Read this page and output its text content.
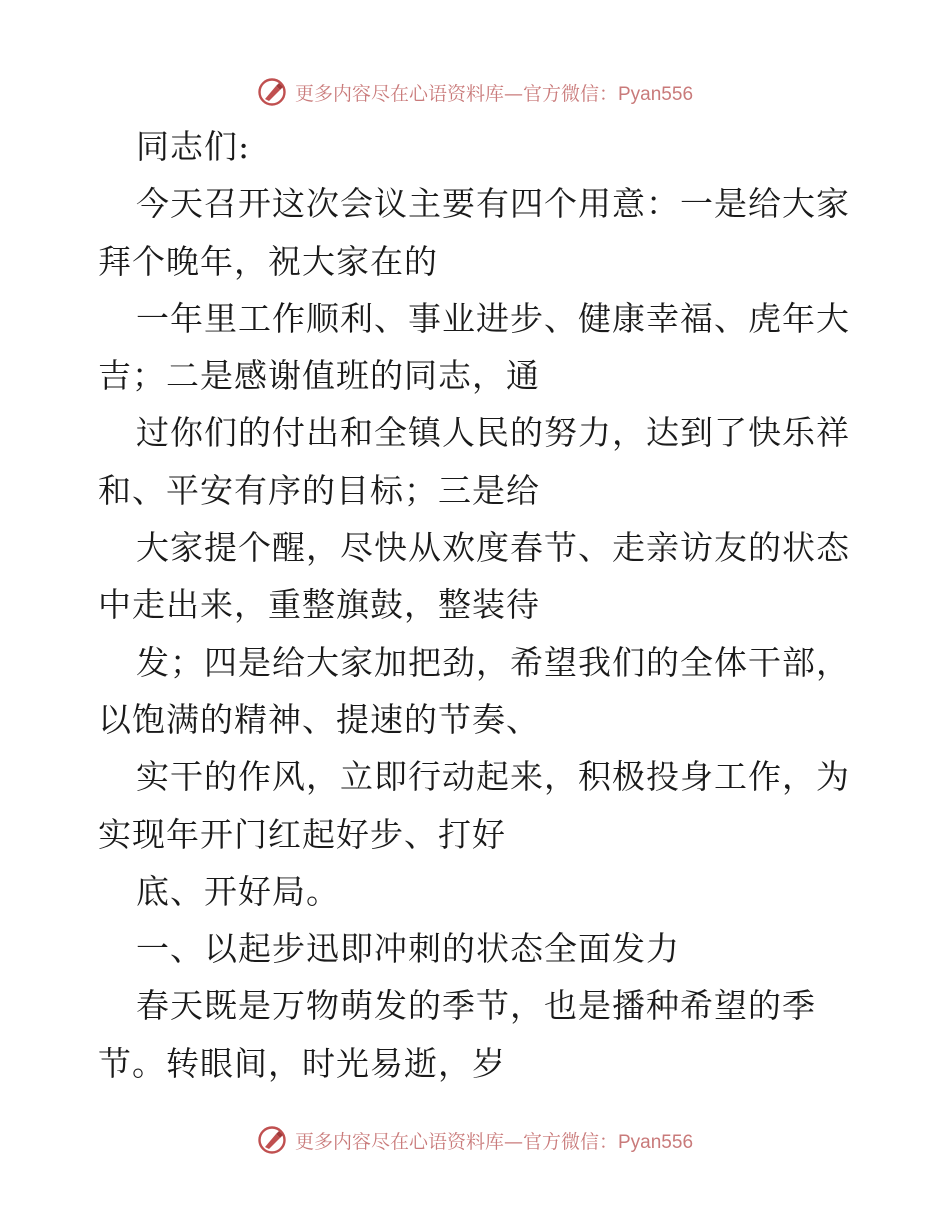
更多内容尽在心语资料库—官方微信：Pyan556
同志们:
今天召开这次会议主要有四个用意：一是给大家
拜个晚年，祝大家在的
一年里工作顺利、事业进步、健康幸福、虎年大
吉；二是感谢值班的同志，通
过你们的付出和全镇人民的努力，达到了快乐祥
和、平安有序的目标；三是给
大家提个醒，尽快从欢度春节、走亲访友的状态
中走出来，重整旗鼓，整装待
发；四是给大家加把劲，希望我们的全体干部，
以饱满的精神、提速的节奏、
实干的作风，立即行动起来，积极投身工作，为
实现年开门红起好步、打好
底、开好局。
一、以起步迅即冲刺的状态全面发力
春天既是万物萌发的季节，也是播种希望的季
节。转眼间，时光易逝，岁
更多内容尽在心语资料库—官方微信：Pyan556
